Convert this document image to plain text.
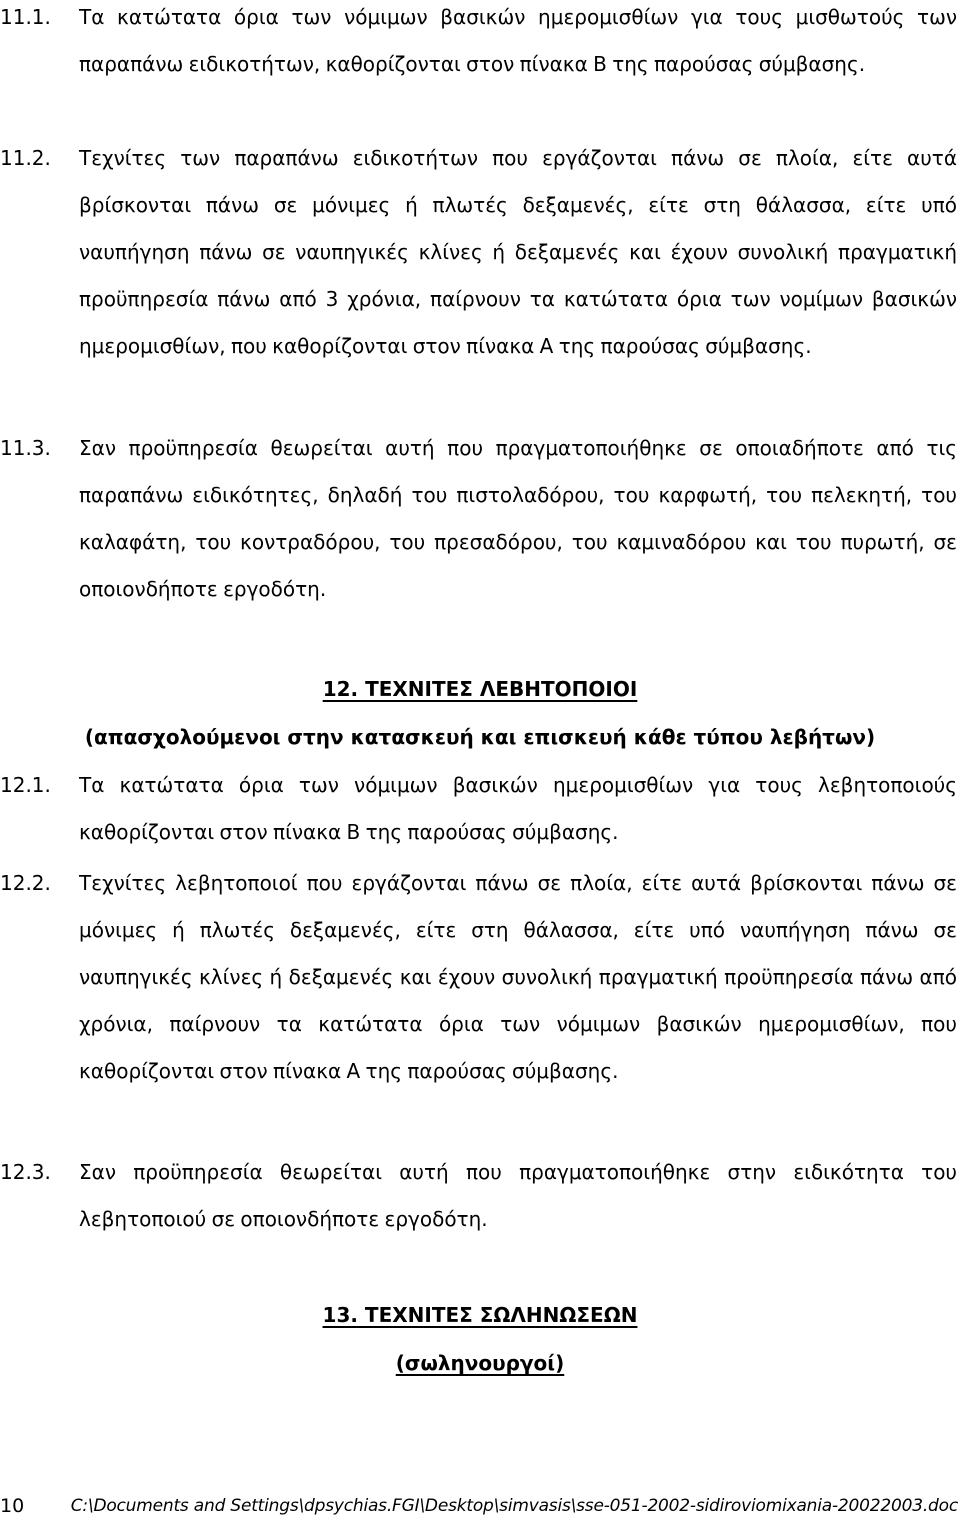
11.1. Τα κατώτατα όρια των νόμιμων βασικών ημερομισθίων για τους μισθωτούς των παραπάνω ειδικοτήτων, καθορίζονται στον πίνακα Β της παρούσας σύμβασης.
11.2. Τεχνίτες των παραπάνω ειδικοτήτων που εργάζονται πάνω σε πλοία, είτε αυτά βρίσκονται πάνω σε μόνιμες ή πλωτές δεξαμενές, είτε στη θάλασσα, είτε υπό ναυπήγηση πάνω σε ναυπηγικές κλίνες ή δεξαμενές και έχουν συνολική πραγματική προϋπηρεσία πάνω από 3 χρόνια, παίρνουν τα κατώτατα όρια των νομίμων βασικών ημερομισθίων, που καθορίζονται στον πίνακα Α της παρούσας σύμβασης.
11.3. Σαν προϋπηρεσία θεωρείται αυτή που πραγματοποιήθηκε σε οποιαδήποτε από τις παραπάνω ειδικότητες, δηλαδή του πιστολαδόρου, του καρφωτή, του πελεκητή, του καλαφάτη, του κοντραδόρου, του πρεσαδόρου, του καμιναδόρου και του πυρωτή, σε οποιονδήποτε εργοδότη.
12. ΤΕΧΝΙΤΕΣ ΛΕΒΗΤΟΠΟΙΟΙ
(απασχολούμενοι στην κατασκευή και επισκευή κάθε τύπου λεβήτων)
12.1. Τα κατώτατα όρια των νόμιμων βασικών ημερομισθίων για τους λεβητοποιούς καθορίζονται στον πίνακα Β της παρούσας σύμβασης.
12.2. Τεχνίτες λεβητοποιοί που εργάζονται πάνω σε πλοία, είτε αυτά βρίσκονται πάνω σε μόνιμες ή πλωτές δεξαμενές, είτε στη θάλασσα, είτε υπό ναυπήγηση πάνω σε ναυπηγικές κλίνες ή δεξαμενές και έχουν συνολική πραγματική προϋπηρεσία πάνω από χρόνια, παίρνουν τα κατώτατα όρια των νόμιμων βασικών ημερομισθίων, που καθορίζονται στον πίνακα Α της παρούσας σύμβασης.
12.3. Σαν προϋπηρεσία θεωρείται αυτή που πραγματοποιήθηκε στην ειδικότητα του λεβητοποιού σε οποιονδήποτε εργοδότη.
13. ΤΕΧΝΙΤΕΣ ΣΩΛΗΝΩΣΕΩΝ
(σωληνουργοί)
10	C:\Documents and Settings\dpsychias.FGI\Desktop\simvasis\sse-051-2002-sidiroviomixania-20022003.doc
